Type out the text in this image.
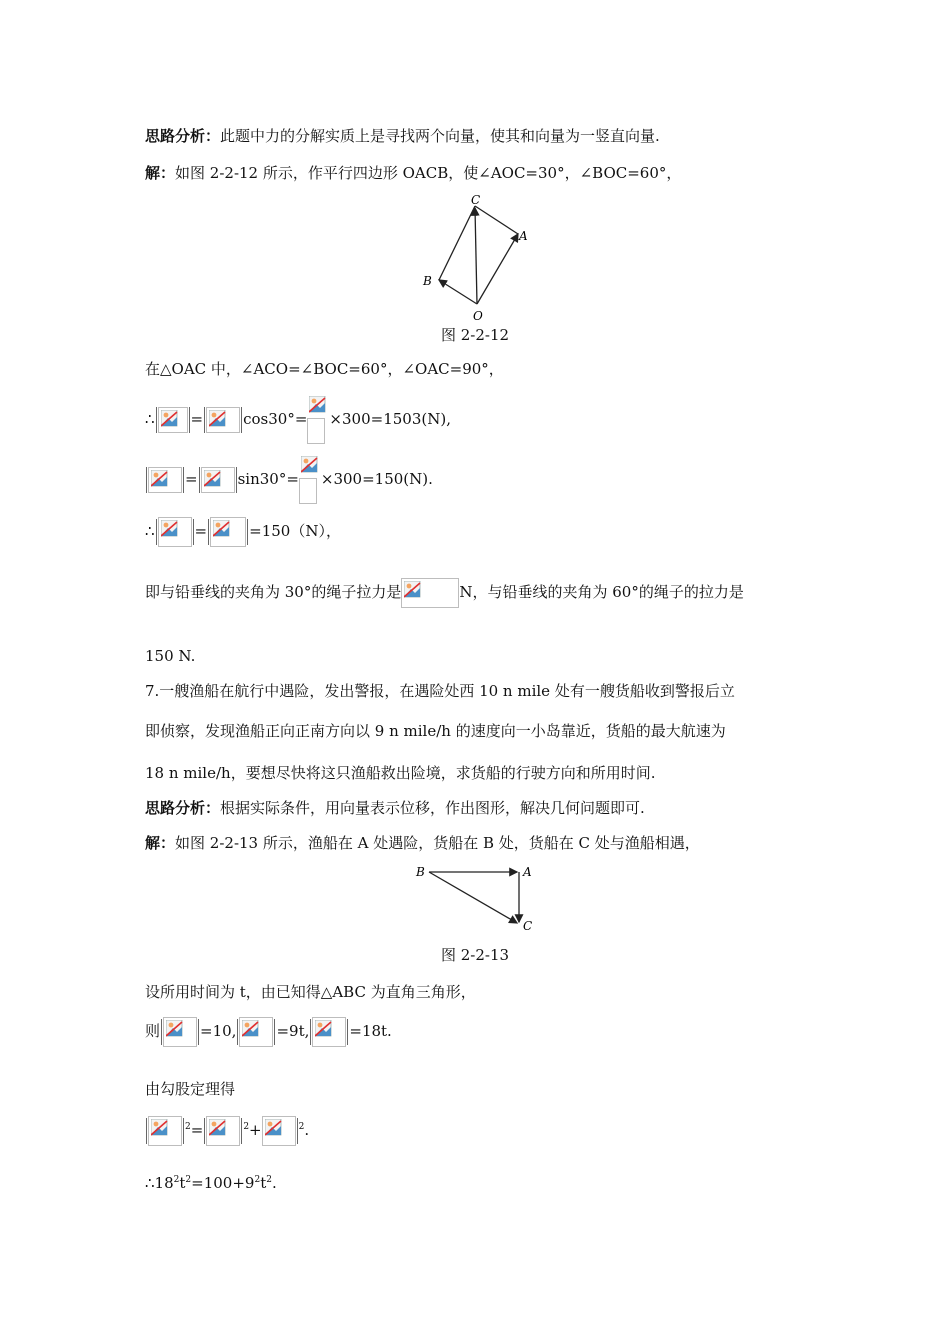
思路分析：此题中力的分解实质上是寻找两个向量，使其和向量为一竖直向量.
解：如图 2-2-12 所示，作平行四边形 OACB，使∠AOC=30°，∠BOC=60°，
C
A
B
O
图 2-2-12
在△OAC 中，∠ACO=∠BOC=60°，∠OAC=90°，
∴ =	cos30°= ×300=1503(N),
=	sin30°= ×300=150(N).
∴	=	=150（N），
即与铅垂线的夹角为 30°的绳子拉力是	N，与铅垂线的夹角为 60°的绳子的拉力是
150 N.
7.一艘渔船在航行中遇险，发出警报，在遇险处西 10 n mile 处有一艘货船收到警报后立
即侦察，发现渔船正向正南方向以 9 n mile/h 的速度向一小岛靠近，货船的最大航速为
18 n mile/h，要想尽快将这只渔船救出险境，求货船的行驶方向和所用时间.
思路分析：根据实际条件，用向量表示位移，作出图形，解决几何问题即可.
解：如图 2-2-13 所示，渔船在 A 处遇险，货船在 B 处，货船在 C 处与渔船相遇，
B	A
C
图 2-2-13
设所用时间为 t，由已知得△ABC 为直角三角形，
则	=10,	=9t,	=18t.
由勾股定理得
$^2$=	$^2$+	$^2$.
$\therefore 18^2t^2=100+9^2t^2$.
